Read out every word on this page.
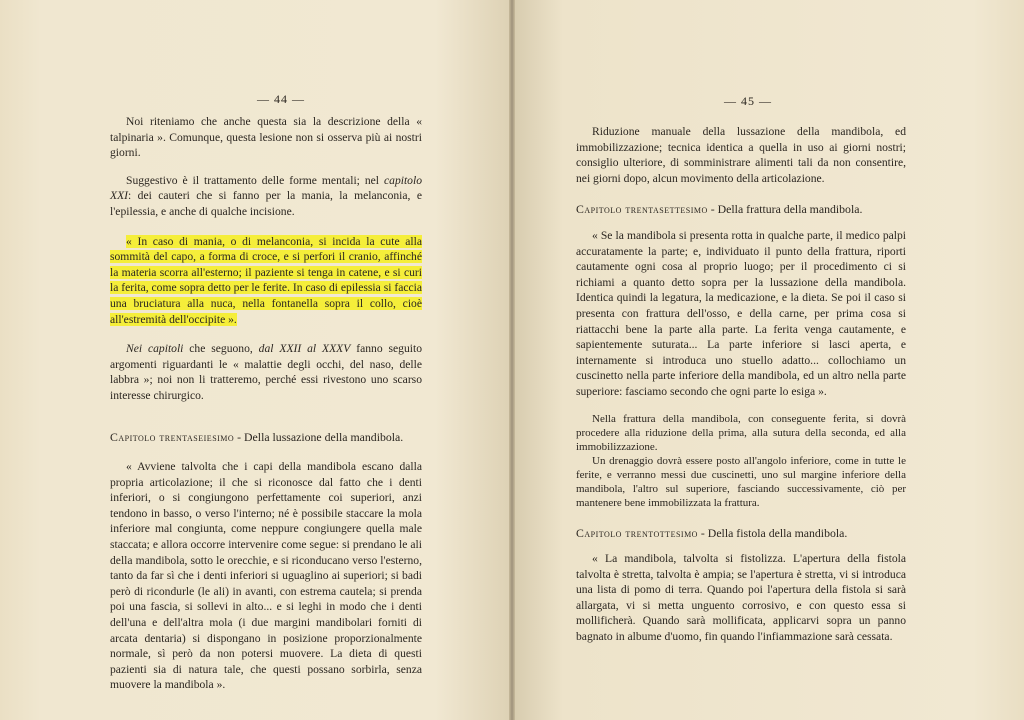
— 44 —

Noi riteniamo che anche questa sia la descrizione della « talpinaria ». Comunque, questa lesione non si osserva più ai nostri giorni.

Suggestivo è il trattamento delle forme mentali; nel capitolo XXI: dei cauteri che si fanno per la mania, la melanconia, e l'epilessia, e anche di qualche incisione.

« In caso di mania, o di melanconia, si incida la cute alla sommità del capo, a forma di croce, e si perfori il cranio, affinché la materia scorra all'esterno; il paziente si tenga in catene, e si curi la ferita, come sopra detto per le ferite. In caso di epilessia si faccia una bruciatura alla nuca, nella fontanella sopra il collo, cioè all'estremità dell'occipite ».

Nei capitoli che seguono, dal XXII al XXXV fanno seguito argomenti riguardanti le « malattie degli occhi, del naso, delle labbra »; noi non li tratteremo, perché essi rivestono uno scarso interesse chirurgico.

Capitolo trentaseiesimo - Della lussazione della mandibola.

« Avviene talvolta che i capi della mandibola escano dalla propria articolazione; il che si riconosce dal fatto che i denti inferiori, o si congiungono perfettamente coi superiori, anzi tendono in basso, o verso l'interno; né è possibile staccare la mola inferiore mal congiunta, come neppure congiungere quella male staccata; e allora occorre intervenire come segue: si prendano le ali della mandibola, sotto le orecchie, e si riconducano verso l'esterno, tanto da far sì che i denti inferiori si uguaglino ai superiori; si badi però di ricondurle (le ali) in avanti, con estrema cautela; si prenda poi una fascia, si sollevi in alto... e si leghi in modo che i denti dell'una e dell'altra mola (i due margini mandibolari forniti di arcata dentaria) si dispongano in posizione proporzionalmente normale, sì però da non potersi muovere. La dieta di questi pazienti sia di natura tale, che questi possano sorbirla, senza muovere la mandibola ».

— 45 —

Riduzione manuale della lussazione della mandibola, ed immobilizzazione; tecnica identica a quella in uso ai giorni nostri; consiglio ulteriore, di somministrare alimenti tali da non consentire, nei giorni dopo, alcun movimento della articolazione.

Capitolo trentasettesimo - Della frattura della mandibola.

« Se la mandibola si presenta rotta in qualche parte, il medico palpi accuratamente la parte; e, individuato il punto della frattura, riporti cautamente ogni cosa al proprio luogo; per il procedimento ci si richiami a quanto detto sopra per la lussazione della mandibola. Identica quindi la legatura, la medicazione, e la dieta. Se poi il caso si presenta con frattura dell'osso, e della carne, per prima cosa si riattacchi bene la parte alla parte. La ferita venga cautamente, e sapientemente suturata... La parte inferiore si lasci aperta, e internamente si introduca uno stuello adatto... collochiamo un cuscinetto nella parte inferiore della mandibola, ed un altro nella parte superiore: fasciamo secondo che ogni parte lo esiga ».

Nella frattura della mandibola, con conseguente ferita, si dovrà procedere alla riduzione della prima, alla sutura della seconda, ed alla immobilizzazione.

Un drenaggio dovrà essere posto all'angolo inferiore, come in tutte le ferite, e verranno messi due cuscinetti, uno sul margine inferiore della mandibola, l'altro sul superiore, fasciando successivamente, ciò per mantenere bene immobilizzata la frattura.

Capitolo trentottesimo - Della fistola della mandibola.

« La mandibola, talvolta si fistolizza. L'apertura della fistola talvolta è stretta, talvolta è ampia; se l'apertura è stretta, vi si introduca una lista di pomo di terra. Quando poi l'apertura della fistola si sarà allargata, vi si metta unguento corrosivo, e con questo essa si mollificherà. Quando sarà mollificata, applicarvi sopra un panno bagnato in albume d'uomo, fin quando l'infiammazione sarà cessata.
